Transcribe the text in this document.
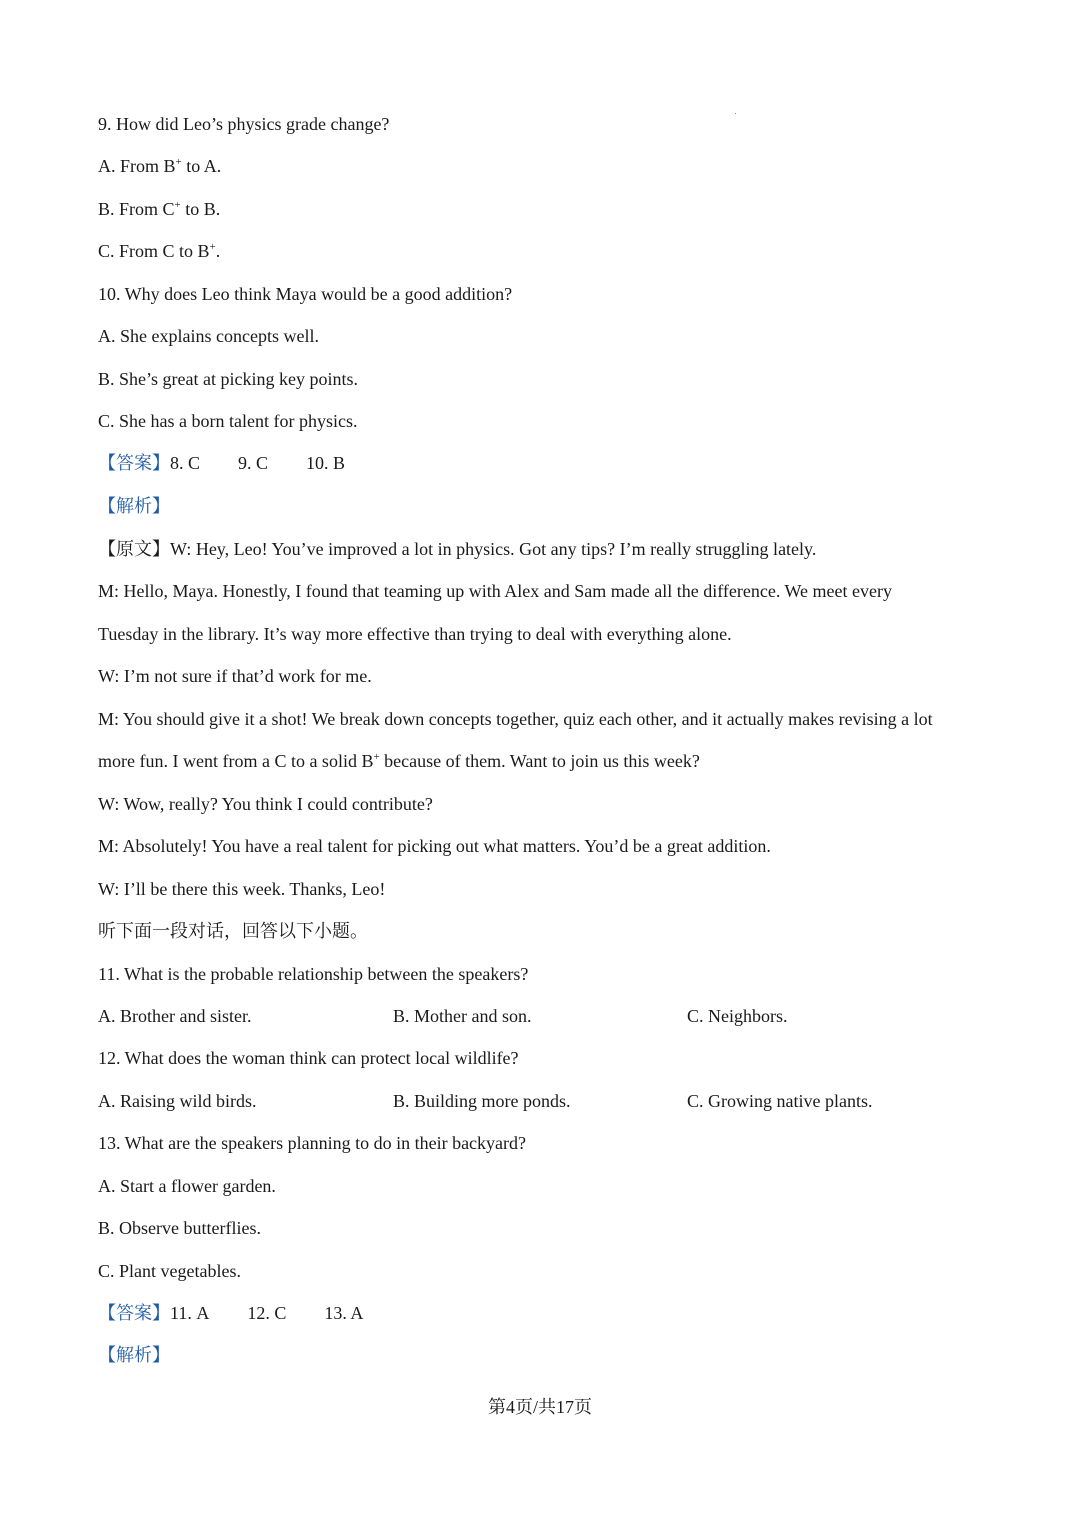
9. How did Leo’s physics grade change?
A. From B+ to A.
B. From C+ to B.
C. From C to B+.
10. Why does Leo think Maya would be a good addition?
A. She explains concepts well.
B. She’s great at picking key points.
C. She has a born talent for physics.
【答案】8. C 9. C 10. B
【解析】
【原文】W: Hey, Leo! You’ve improved a lot in physics. Got any tips? I’m really struggling lately.
M: Hello, Maya. Honestly, I found that teaming up with Alex and Sam made all the difference. We meet every
Tuesday in the library. It’s way more effective than trying to deal with everything alone.
W: I’m not sure if that’d work for me.
M: You should give it a shot! We break down concepts together, quiz each other, and it actually makes revising a lot
more fun. I went from a C to a solid B+ because of them. Want to join us this week?
W: Wow, really? You think I could contribute?
M: Absolutely! You have a real talent for picking out what matters. You’d be a great addition.
W: I’ll be there this week. Thanks, Leo!
听下面一段对话，回答以下小题。
11. What is the probable relationship between the speakers?
A. Brother and sister.	B. Mother and son.	C. Neighbors.
12. What does the woman think can protect local wildlife?
A. Raising wild birds.	B. Building more ponds.	C. Growing native plants.
13. What are the speakers planning to do in their backyard?
A. Start a flower garden.
B. Observe butterflies.
C. Plant vegetables.
【答案】11. A 12. C 13. A
【解析】
第4页/共17页
